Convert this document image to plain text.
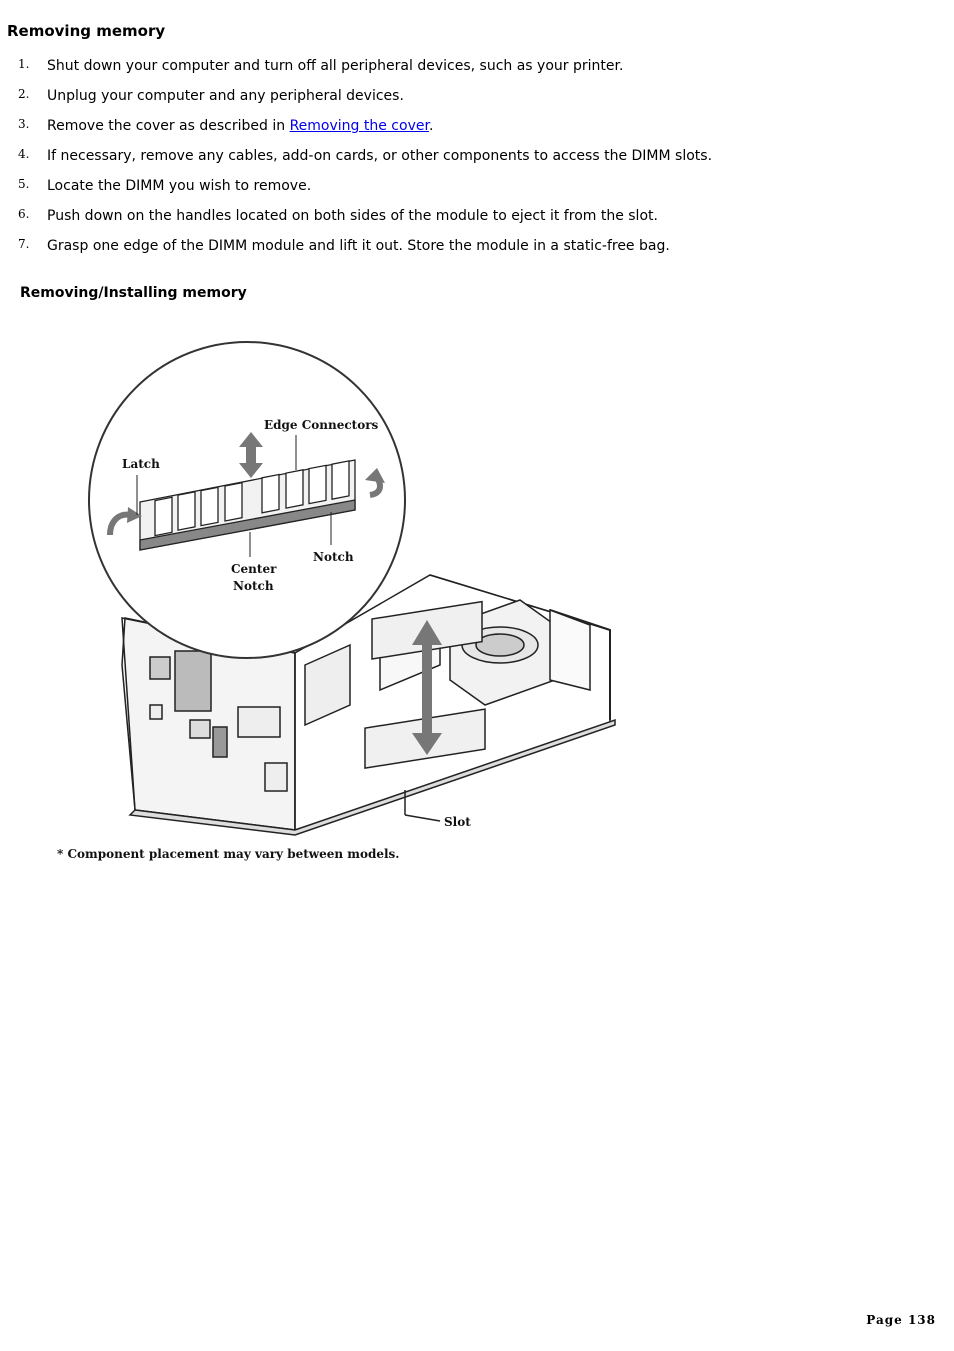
Removing memory
1. Shut down your computer and turn off all peripheral devices, such as your printer.
2. Unplug your computer and any peripheral devices.
3. Remove the cover as described in Removing the cover.
4. If necessary, remove any cables, add-on cards, or other components to access the DIMM slots.
5. Locate the DIMM you wish to remove.
6. Push down on the handles located on both sides of the module to eject it from the slot.
7. Grasp one edge of the DIMM module and lift it out. Store the module in a static-free bag.
Removing/Installing memory
Edge Connectors
Latch
Notch
Center
Notch
Slot
* Component placement may vary between models.
Page 138
